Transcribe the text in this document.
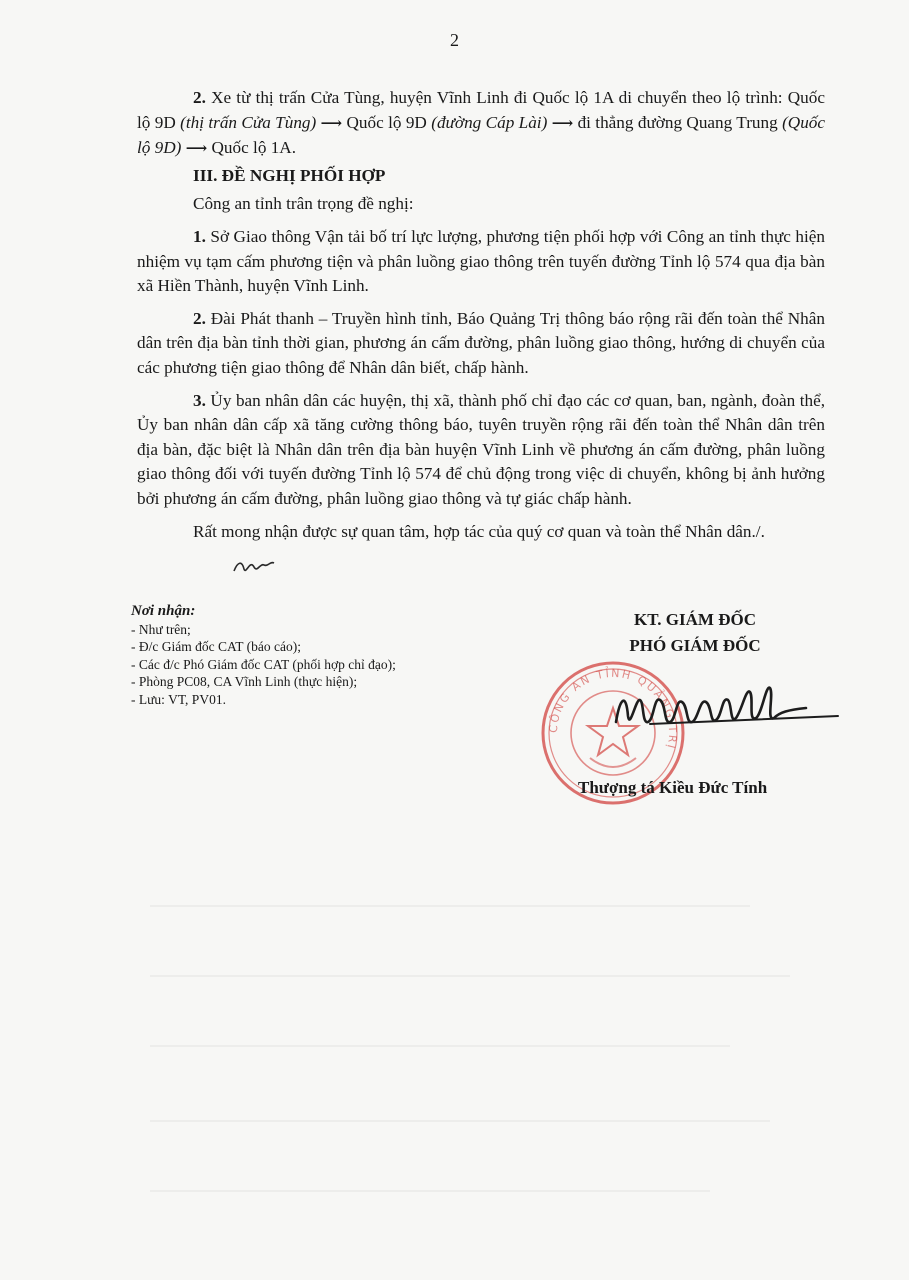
2

2. Xe từ thị trấn Cửa Tùng, huyện Vĩnh Linh đi Quốc lộ 1A di chuyển theo lộ trình: Quốc lộ 9D (thị trấn Cửa Tùng) ⟶ Quốc lộ 9D (đường Cáp Lài) ⟶ đi thẳng đường Quang Trung (Quốc lộ 9D) ⟶ Quốc lộ 1A.

III. ĐỀ NGHỊ PHỐI HỢP

Công an tỉnh trân trọng đề nghị:

1. Sở Giao thông Vận tải bố trí lực lượng, phương tiện phối hợp với Công an tỉnh thực hiện nhiệm vụ tạm cấm phương tiện và phân luồng giao thông trên tuyến đường Tỉnh lộ 574 qua địa bàn xã Hiền Thành, huyện Vĩnh Linh.

2. Đài Phát thanh – Truyền hình tỉnh, Báo Quảng Trị thông báo rộng rãi đến toàn thể Nhân dân trên địa bàn tỉnh thời gian, phương án cấm đường, phân luồng giao thông, hướng di chuyển của các phương tiện giao thông để Nhân dân biết, chấp hành.

3. Ủy ban nhân dân các huyện, thị xã, thành phố chỉ đạo các cơ quan, ban, ngành, đoàn thể, Ủy ban nhân dân cấp xã tăng cường thông báo, tuyên truyền rộng rãi đến toàn thể Nhân dân trên địa bàn, đặc biệt là Nhân dân trên địa bàn huyện Vĩnh Linh về phương án cấm đường, phân luồng giao thông đối với tuyến đường Tỉnh lộ 574 để chủ động trong việc di chuyển, không bị ảnh hưởng bởi phương án cấm đường, phân luồng giao thông và tự giác chấp hành.

Rất mong nhận được sự quan tâm, hợp tác của quý cơ quan và toàn thể Nhân dân./.

Nơi nhận:
- Như trên;
- Đ/c Giám đốc CAT (báo cáo);
- Các đ/c Phó Giám đốc CAT (phối hợp chỉ đạo);
- Phòng PC08, CA Vĩnh Linh (thực hiện);
- Lưu: VT, PV01.
KT. GIÁM ĐỐC
PHÓ GIÁM ĐỐC
CÔNG AN TỈNH QUẢNG TRỊ
Thượng tá Kiều Đức Tính
